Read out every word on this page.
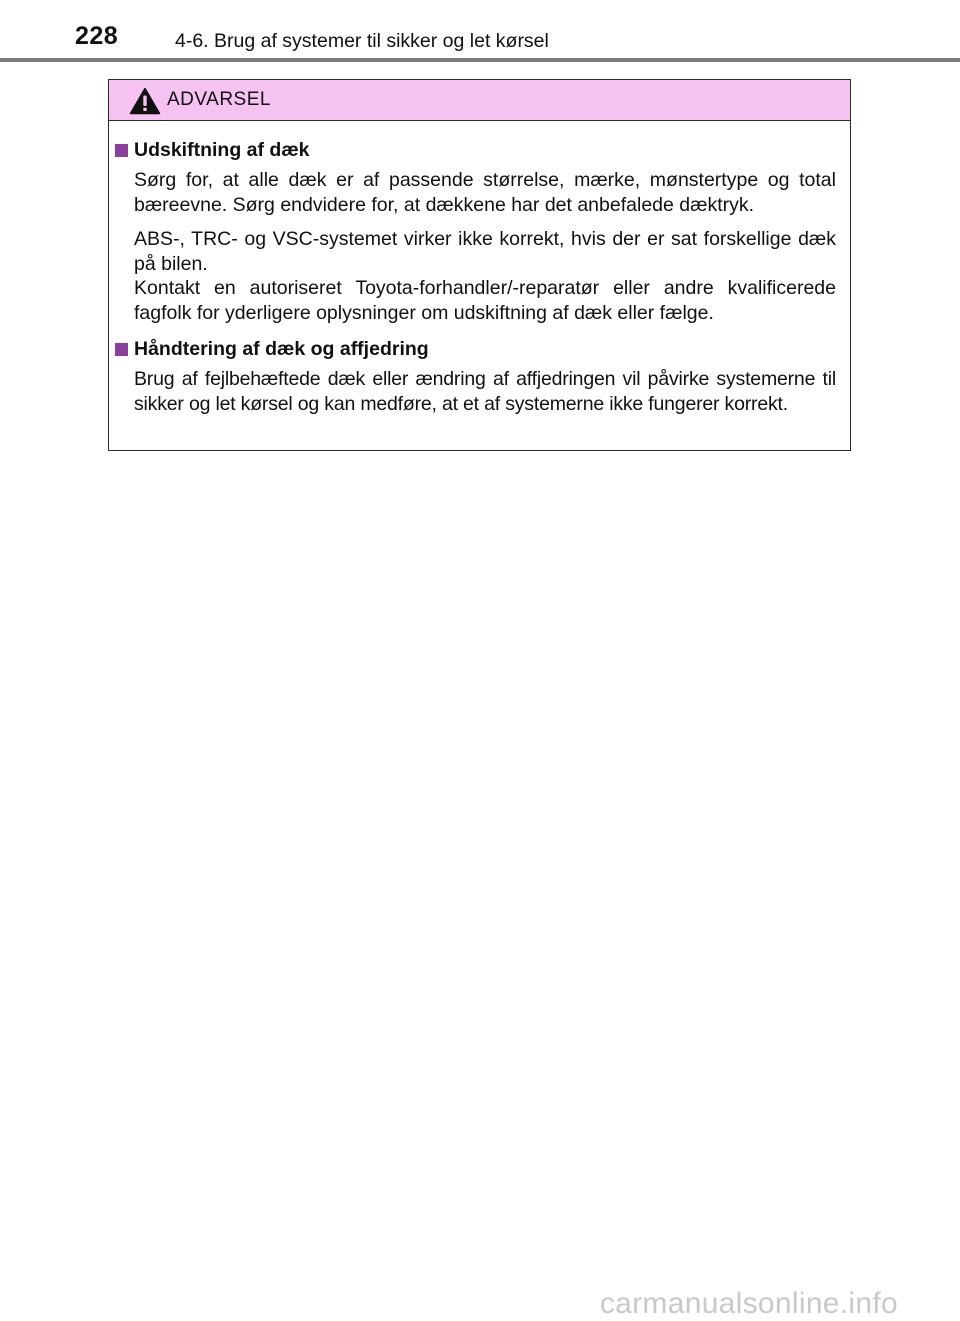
228	4-6. Brug af systemer til sikker og let kørsel
ADVARSEL
Udskiftning af dæk

Sørg for, at alle dæk er af passende størrelse, mærke, mønstertype og total bæreevne. Sørg endvidere for, at dækkene har det anbefalede dæktryk.

ABS-, TRC- og VSC-systemet virker ikke korrekt, hvis der er sat forskellige dæk på bilen.
Kontakt en autoriseret Toyota-forhandler/-reparatør eller andre kvalificerede fagfolk for yderligere oplysninger om udskiftning af dæk eller fælge.

Håndtering af dæk og affjedring

Brug af fejlbehæftede dæk eller ændring af affjedringen vil påvirke systemerne til sikker og let kørsel og kan medføre, at et af systemerne ikke fungerer korrekt.

carmanualsonline.info
